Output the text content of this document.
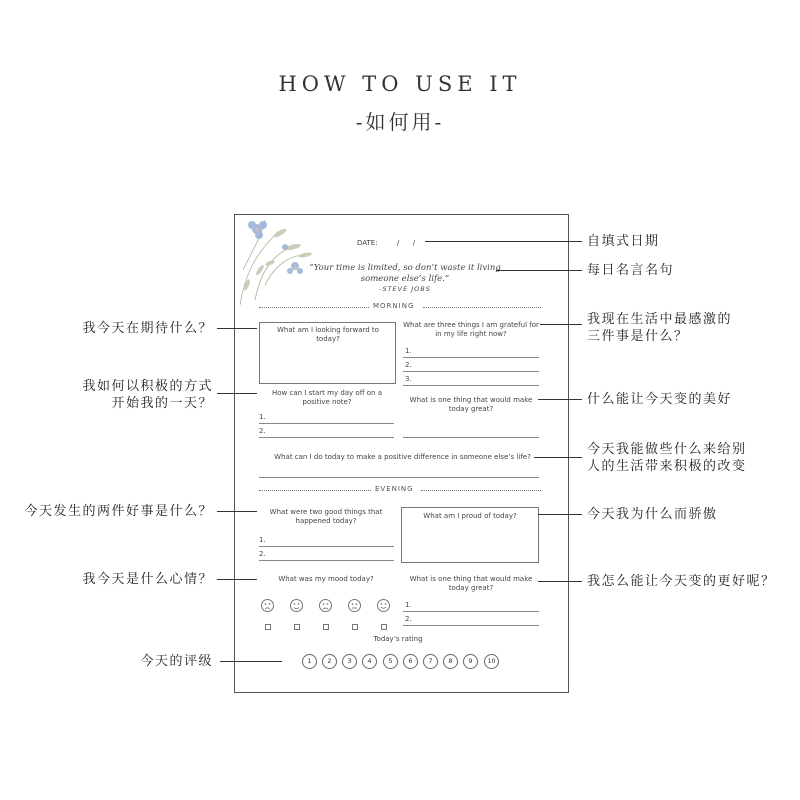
HOW TO USE IT
-如何用-
DATE:	/      /
“Your time is limited, so don’t waste it living someone else’s life.”
-STEVE JOBS
MORNING
What am I looking forward to today?
What are three things I am grateful for in my life right now?
1.
2.
3.
How can I start my day off on a positive note?
1.
2.
What is one thing that would make today great?
What can I do today to make a positive difference in someone else’s life?
EVENING
What were two good things that happened today?
1.
2.
What am I proud of today?
What was my mood today?	What is one thing that would make today great?
1.
2.
Today’s rating
1	2	3	4	5	6	7	8	9	10
自填式日期
每日名言名句
我现在生活中最感激的
三件事是什么？
什么能让今天变的美好
今天我能做些什么来给别
人的生活带来积极的改变
今天我为什么而骄傲
我怎么能让今天变的更好呢？
我今天在期待什么？
我如何以积极的方式
开始我的一天？
今天发生的两件好事是什么？
我今天是什么心情？
今天的评级
